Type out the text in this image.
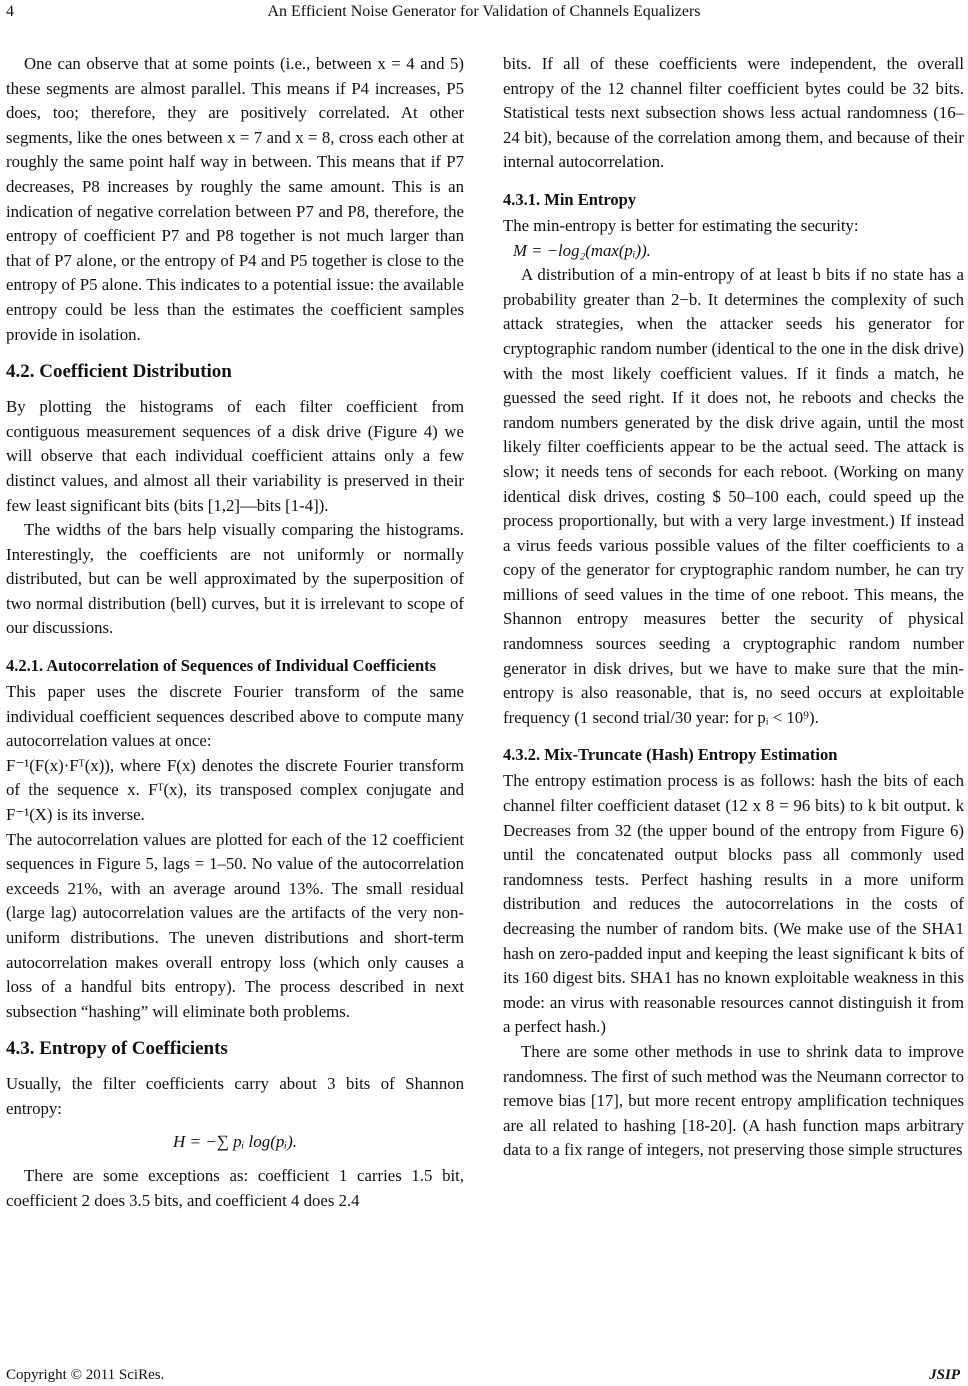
4	An Efficient Noise Generator for Validation of Channels Equalizers

One can observe that at some points (i.e., between x = 4 and 5) these segments are almost parallel. This means if P4 increases, P5 does, too; therefore, they are positively correlated. At other segments, like the ones between x = 7 and x = 8, cross each other at roughly the same point half way in between. This means that if P7 decreases, P8 increases by roughly the same amount. This is an indication of negative correlation between P7 and P8, therefore, the entropy of coefficient P7 and P8 together is not much larger than that of P7 alone, or the entropy of P4 and P5 together is close to the entropy of P5 alone. This indicates to a potential issue: the available entropy could be less than the estimates the coefficient samples provide in isolation.

4.2. Coefficient Distribution

By plotting the histograms of each filter coefficient from contiguous measurement sequences of a disk drive (Figure 4) we will observe that each individual coefficient attains only a few distinct values, and almost all their variability is preserved in their few least significant bits (bits [1,2]—bits [1-4]).

The widths of the bars help visually comparing the histograms. Interestingly, the coefficients are not uniformly or normally distributed, but can be well approximated by the superposition of two normal distribution (bell) curves, but it is irrelevant to scope of our discussions.

4.2.1. Autocorrelation of Sequences of Individual Coefficients

This paper uses the discrete Fourier transform of the same individual coefficient sequences described above to compute many autocorrelation values at once:

F⁻¹(F(x)·Fᵀ(x)), where F(x) denotes the discrete Fourier transform of the sequence x. Fᵀ(x), its transposed complex conjugate and F⁻¹(X) is its inverse.

The autocorrelation values are plotted for each of the 12 coefficient sequences in Figure 5, lags = 1–50. No value of the autocorrelation exceeds 21%, with an average around 13%. The small residual (large lag) autocorrelation values are the artifacts of the very non-uniform distributions. The uneven distributions and short-term autocorrelation makes overall entropy loss (which only causes a loss of a handful bits entropy). The process described in next subsection “hashing” will eliminate both problems.

4.3. Entropy of Coefficients

Usually, the filter coefficients carry about 3 bits of Shannon entropy:

H = −∑ pᵢ log(pᵢ).

There are some exceptions as: coefficient 1 carries 1.5 bit, coefficient 2 does 3.5 bits, and coefficient 4 does 2.4

bits. If all of these coefficients were independent, the overall entropy of the 12 channel filter coefficient bytes could be 32 bits. Statistical tests next subsection shows less actual randomness (16–24 bit), because of the correlation among them, and because of their internal autocorrelation.

4.3.1. Min Entropy

The min-entropy is better for estimating the security:

M = −log₂(max(pᵢ)).

A distribution of a min-entropy of at least b bits if no state has a probability greater than 2−b. It determines the complexity of such attack strategies, when the attacker seeds his generator for cryptographic random number (identical to the one in the disk drive) with the most likely coefficient values. If it finds a match, he guessed the seed right. If it does not, he reboots and checks the random numbers generated by the disk drive again, until the most likely filter coefficients appear to be the actual seed. The attack is slow; it needs tens of seconds for each reboot. (Working on many identical disk drives, costing $ 50–100 each, could speed up the process proportionally, but with a very large investment.) If instead a virus feeds various possible values of the filter coefficients to a copy of the generator for cryptographic random number, he can try millions of seed values in the time of one reboot. This means, the Shannon entropy measures better the security of physical randomness sources seeding a cryptographic random number generator in disk drives, but we have to make sure that the min-entropy is also reasonable, that is, no seed occurs at exploitable frequency (1 second trial/30 year: for pᵢ < 10⁹).

4.3.2. Mix-Truncate (Hash) Entropy Estimation

The entropy estimation process is as follows: hash the bits of each channel filter coefficient dataset (12 x 8 = 96 bits) to k bit output. k Decreases from 32 (the upper bound of the entropy from Figure 6) until the concatenated output blocks pass all commonly used randomness tests. Perfect hashing results in a more uniform distribution and reduces the autocorrelations in the costs of decreasing the number of random bits. (We make use of the SHA1 hash on zero-padded input and keeping the least significant k bits of its 160 digest bits. SHA1 has no known exploitable weakness in this mode: an virus with reasonable resources cannot distinguish it from a perfect hash.)

There are some other methods in use to shrink data to improve randomness. The first of such method was the Neumann corrector to remove bias [17], but more recent entropy amplification techniques are all related to hashing [18-20]. (A hash function maps arbitrary data to a fix range of integers, not preserving those simple structures

Copyright © 2011 SciRes.	JSIP
